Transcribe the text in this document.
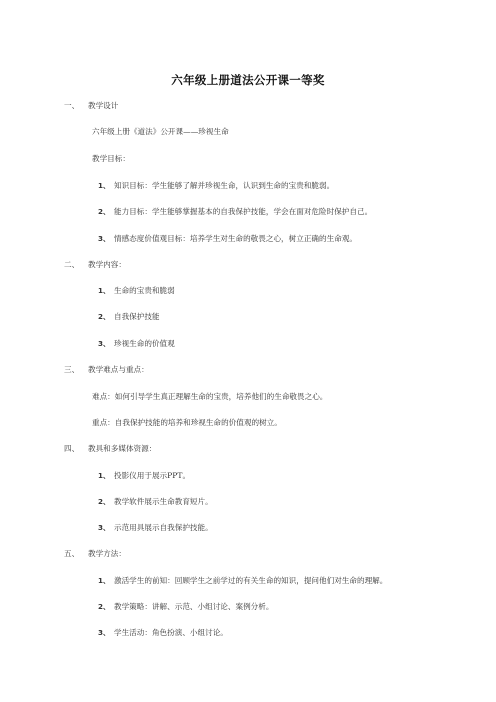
六年级上册道法公开课一等奖
一、 教学设计
六年级上册《道法》公开课——珍视生命
教学目标：
1、 知识目标：学生能够了解并珍视生命，认识到生命的宝贵和脆弱。
2、 能力目标：学生能够掌握基本的自我保护技能，学会在面对危险时保护自己。
3、 情感态度价值观目标：培养学生对生命的敬畏之心，树立正确的生命观。
二、 教学内容：
1、 生命的宝贵和脆弱
2、 自我保护技能
3、 珍视生命的价值观
三、 教学难点与重点：
难点：如何引导学生真正理解生命的宝贵，培养他们的生命敬畏之心。
重点：自我保护技能的培养和珍视生命的价值观的树立。
四、 教具和多媒体资源：
1、 投影仪用于展示PPT。
2、 教学软件展示生命教育短片。
3、 示范用具展示自我保护技能。
五、 教学方法：
1、 激活学生的前知：回顾学生之前学过的有关生命的知识，提问他们对生命的理解。
2、 教学策略：讲解、示范、小组讨论、案例分析。
3、 学生活动：角色扮演、小组讨论。
